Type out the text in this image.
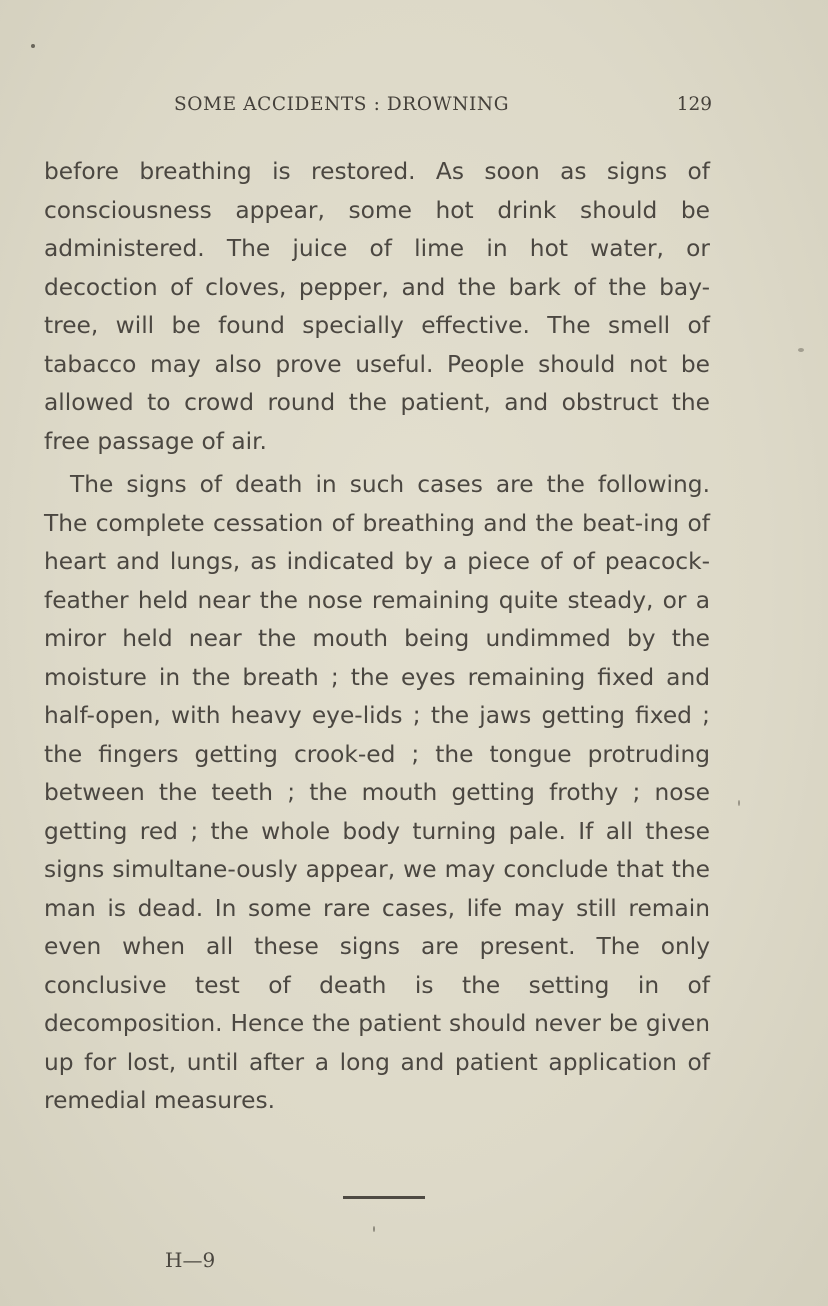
SOME ACCIDENTS : DROWNING	129

before breathing is restored. As soon as signs of consciousness appear, some hot drink should be administered. The juice of lime in hot water, or decoction of cloves, pepper, and the bark of the bay-tree, will be found specially effective. The smell of tabacco may also prove useful. People should not be allowed to crowd round the patient, and obstruct the free passage of air.

The signs of death in such cases are the following. The complete cessation of breathing and the beat-ing of heart and lungs, as indicated by a piece of of peacock-feather held near the nose remaining quite steady, or a miror held near the mouth being undimmed by the moisture in the breath ; the eyes remaining fixed and half-open, with heavy eye-lids ; the jaws getting fixed ; the fingers getting crook-ed ; the tongue protruding between the teeth ; the mouth getting frothy ; nose getting red ; the whole body turning pale. If all these signs simultane-ously appear, we may conclude that the man is dead. In some rare cases, life may still remain even when all these signs are present. The only conclusive test of death is the setting in of decomposition. Hence the patient should never be given up for lost, until after a long and patient application of remedial measures.

H—9
